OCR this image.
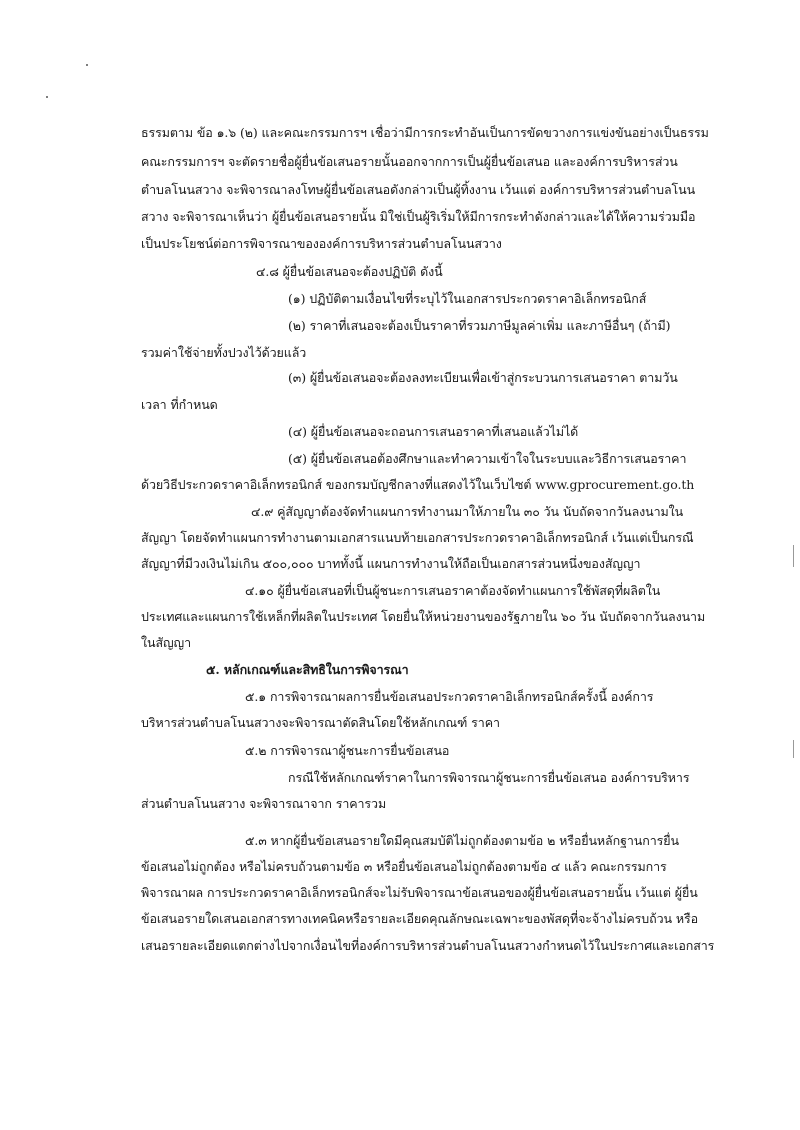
ธรรมตาม ข้อ ๑.๖ (๒) และคณะกรรมการฯ เชื่อว่ามีการกระทำอันเป็นการขัดขวางการแข่งขันอย่างเป็นธรรม
คณะกรรมการฯ จะตัดรายชื่อผู้ยื่นข้อเสนอรายนั้นออกจากการเป็นผู้ยื่นข้อเสนอ และองค์การบริหารส่วน
ตำบลโนนสวาง จะพิจารณาลงโทษผู้ยื่นข้อเสนอดังกล่าวเป็นผู้ทิ้งงาน เว้นแต่ องค์การบริหารส่วนตำบลโนน
สวาง จะพิจารณาเห็นว่า ผู้ยื่นข้อเสนอรายนั้น มิใช่เป็นผู้ริเริ่มให้มีการกระทำดังกล่าวและได้ให้ความร่วมมือ
เป็นประโยชน์ต่อการพิจารณาขององค์การบริหารส่วนตำบลโนนสวาง
๔.๘ ผู้ยื่นข้อเสนอจะต้องปฏิบัติ ดังนี้
(๑) ปฏิบัติตามเงื่อนไขที่ระบุไว้ในเอกสารประกวดราคาอิเล็กทรอนิกส์
(๒) ราคาที่เสนอจะต้องเป็นราคาที่รวมภาษีมูลค่าเพิ่ม และภาษีอื่นๆ (ถ้ามี)
รวมค่าใช้จ่ายทั้งปวงไว้ด้วยแล้ว
(๓) ผู้ยื่นข้อเสนอจะต้องลงทะเบียนเพื่อเข้าสู่กระบวนการเสนอราคา ตามวัน
เวลา ที่กำหนด
(๔) ผู้ยื่นข้อเสนอจะถอนการเสนอราคาที่เสนอแล้วไม่ได้
(๕) ผู้ยื่นข้อเสนอต้องศึกษาและทำความเข้าใจในระบบและวิธีการเสนอราคา
ด้วยวิธีประกวดราคาอิเล็กทรอนิกส์ ของกรมบัญชีกลางที่แสดงไว้ในเว็บไซต์ www.gprocurement.go.th
๔.๙ คู่สัญญาต้องจัดทำแผนการทำงานมาให้ภายใน ๓๐ วัน นับถัดจากวันลงนามใน
สัญญา โดยจัดทำแผนการทำงานตามเอกสารแนบท้ายเอกสารประกวดราคาอิเล็กทรอนิกส์ เว้นแต่เป็นกรณี
สัญญาที่มีวงเงินไม่เกิน ๕๐๐,๐๐๐ บาททั้งนี้ แผนการทำงานให้ถือเป็นเอกสารส่วนหนึ่งของสัญญา
๔.๑๐ ผู้ยื่นข้อเสนอที่เป็นผู้ชนะการเสนอราคาต้องจัดทำแผนการใช้พัสดุที่ผลิตใน
ประเทศและแผนการใช้เหล็กที่ผลิตในประเทศ โดยยื่นให้หน่วยงานของรัฐภายใน ๖๐ วัน นับถัดจากวันลงนาม
ในสัญญา
๕. หลักเกณฑ์และสิทธิในการพิจารณา
๕.๑ การพิจารณาผลการยื่นข้อเสนอประกวดราคาอิเล็กทรอนิกส์ครั้งนี้ องค์การ
บริหารส่วนตำบลโนนสวางจะพิจารณาตัดสินโดยใช้หลักเกณฑ์ ราคา
๕.๒ การพิจารณาผู้ชนะการยื่นข้อเสนอ
กรณีใช้หลักเกณฑ์ราคาในการพิจารณาผู้ชนะการยื่นข้อเสนอ องค์การบริหาร
ส่วนตำบลโนนสวาง จะพิจารณาจาก ราคารวม
๕.๓ หากผู้ยื่นข้อเสนอรายใดมีคุณสมบัติไม่ถูกต้องตามข้อ ๒ หรือยื่นหลักฐานการยื่น
ข้อเสนอไม่ถูกต้อง หรือไม่ครบถ้วนตามข้อ ๓ หรือยื่นข้อเสนอไม่ถูกต้องตามข้อ ๔ แล้ว คณะกรรมการ
พิจารณาผล การประกวดราคาอิเล็กทรอนิกส์จะไม่รับพิจารณาข้อเสนอของผู้ยื่นข้อเสนอรายนั้น เว้นแต่ ผู้ยื่น
ข้อเสนอรายใดเสนอเอกสารทางเทคนิคหรือรายละเอียดคุณลักษณะเฉพาะของพัสดุที่จะจ้างไม่ครบถ้วน หรือ
เสนอรายละเอียดแตกต่างไปจากเงื่อนไขที่องค์การบริหารส่วนตำบลโนนสวางกำหนดไว้ในประกาศและเอกสาร
